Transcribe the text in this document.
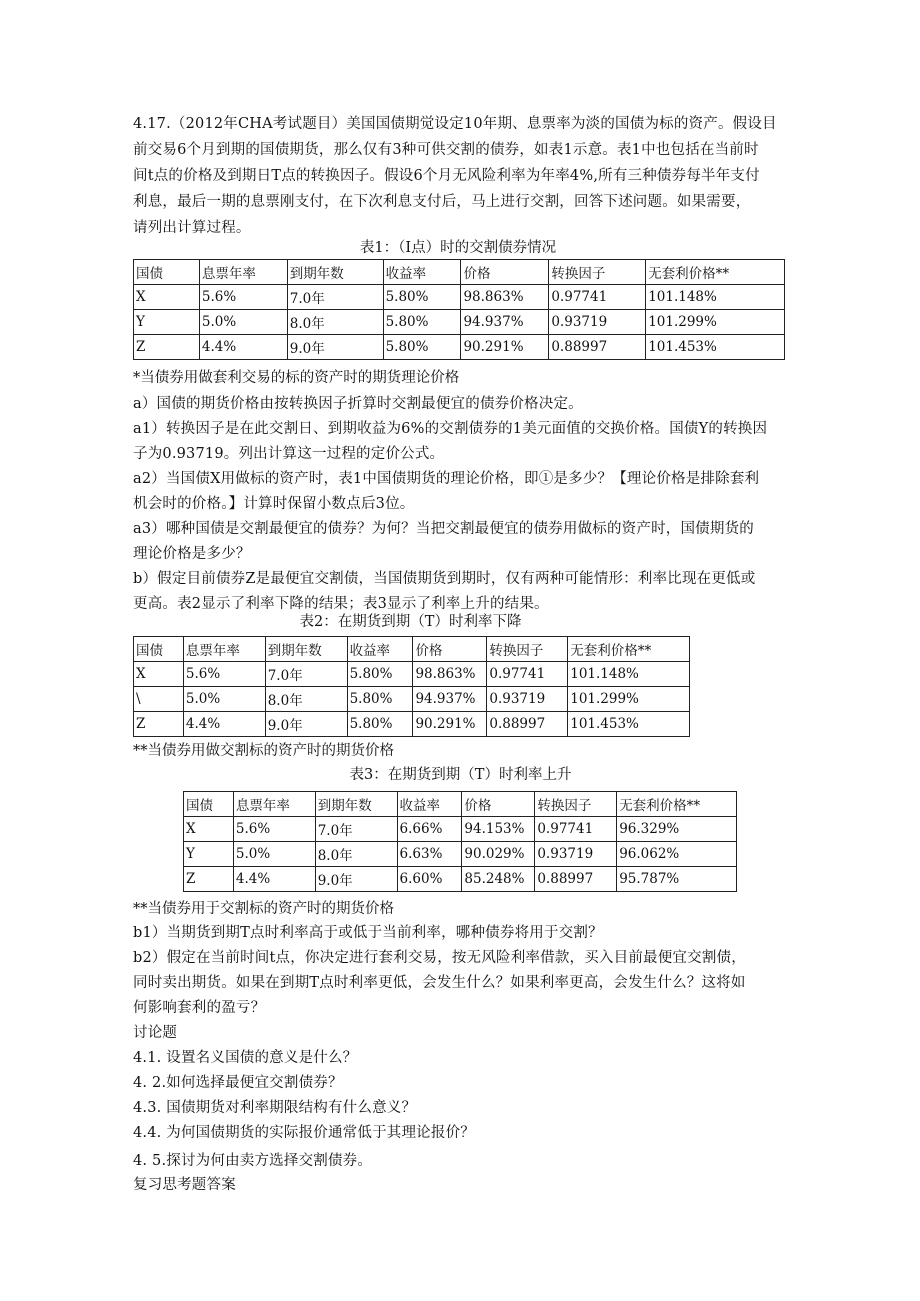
4.17.（2012年CHA考试题目）美国国债期觉设定10年期、息票率为淡的国债为标的资产。假设目
前交易6个月到期的国债期货，那么仅有3种可供交割的债券，如表1示意。表1中也包括在当前时
间t点的价格及到期日T点的转换因子。假设6个月无风险利率为年率4%,所有三种债券每半年支付
利息，最后一期的息票刚支付，在下次利息支付后，马上进行交割，回答下述问题。如果需要，
请列出计算过程。
表1：（I点）时的交割债券情况
国债	息票年率	到期年数	收益率	价格	转换因子	无套利价格**
X	5.6%	7.0年	5.80%	98.863%	0.97741	101.148%
Y	5.0%	8.0年	5.80%	94.937%	0.93719	101.299%
Z	4.4%	9.0年	5.80%	90.291%	0.88997	101.453%
*当债券用做套利交易的标的资产时的期货理论价格
a）国债的期货价格由按转换因子折算时交割最便宜的债券价格决定。
a1）转换因子是在此交割日、到期收益为6%的交割债券的1美元面值的交换价格。国债Y的转换因
子为0.93719。列出计算这一过程的定价公式。
a2）当国债X用做标的资产时，表1中国债期货的理论价格，即①是多少？【理论价格是排除套利
机会时的价格。】计算时保留小数点后3位。
a3）哪种国债是交割最便宜的债券？为何？当把交割最便宜的债券用做标的资产时，国债期货的
理论价格是多少？
b）假定目前债券Z是最便宜交割债，当国债期货到期时，仅有两种可能情形：利率比现在更低或
更高。表2显示了利率下降的结果；表3显示了利率上升的结果。
表2：在期货到期（T）时利率下降
国债	息票年率	到期年数	收益率	价格	转换因子	无套利价格**
X	5.6%	7.0年	5.80%	98.863%	0.97741	101.148%
\	5.0%	8.0年	5.80%	94.937%	0.93719	101.299%
Z	4.4%	9.0年	5.80%	90.291%	0.88997	101.453%
**当债券用做交割标的资产时的期货价格
表3：在期货到期（T）时利率上升
国债	息票年率	到期年数	收益率	价格	转换因子	无套利价格**
X	5.6%	7.0年	6.66%	94.153%	0.97741	96.329%
Y	5.0%	8.0年	6.63%	90.029%	0.93719	96.062%
Z	4.4%	9.0年	6.60%	85.248%	0.88997	95.787%
**当债券用于交割标的资产时的期货价格
b1）当期货到期T点时利率高于或低于当前利率，哪种债券将用于交割？
b2）假定在当前时间t点，你决定进行套利交易，按无风险利率借款，买入目前最便宜交割债，
同时卖出期货。如果在到期T点时利率更低，会发生什么？如果利率更高，会发生什么？这将如
何影响套利的盈亏？
讨论题
4.1. 设置名义国债的意义是什么？
4. 2.如何选择最便宜交割债券？
4.3. 国债期货对利率期限结构有什么意义？
4.4. 为何国债期货的实际报价通常低于其理论报价？
4. 5.探讨为何由卖方选择交割债券。
复习思考题答案
